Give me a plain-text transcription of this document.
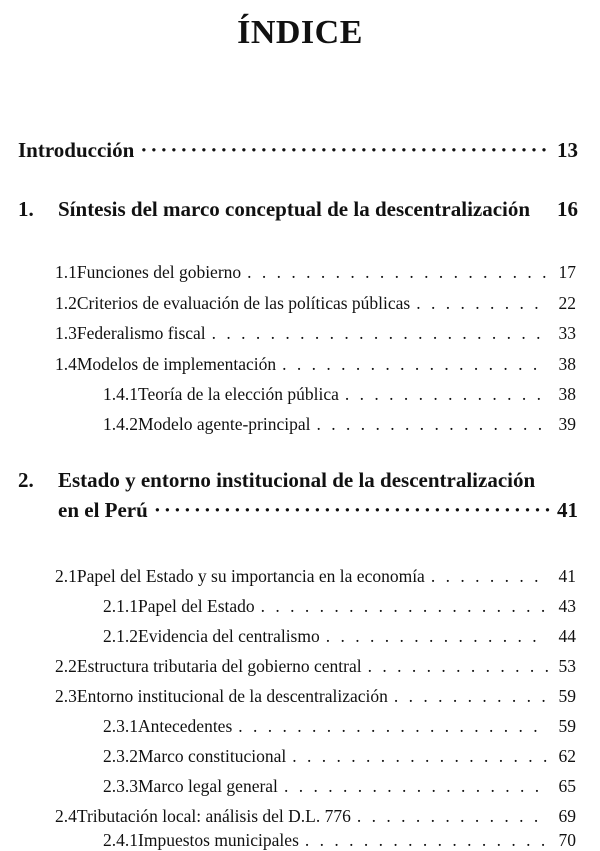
ÍNDICE
Introducción ·····	13
1.	Síntesis del marco conceptual de la descentralización 16
1.1 Funciones del gobierno . . .	17
1.2 Criterios de evaluación de las políticas públicas . . .	22
1.3 Federalismo fiscal . . .	33
1.4 Modelos de implementación . . .	38
1.4.1 Teoría de la elección pública . . .	38
1.4.2 Modelo agente-principal . . .	39
2.	Estado y entorno institucional de la descentralización
en el Perú ·····	41
2.1 Papel del Estado y su importancia en la economía . . .	41
2.1.1 Papel del Estado . . .	43
2.1.2 Evidencia del centralismo . . .	44
2.2 Estructura tributaria del gobierno central . . .	53
2.3 Entorno institucional de la descentralización . . .	59
2.3.1 Antecedentes . . .	59
2.3.2 Marco constitucional . . .	62
2.3.3 Marco legal general . . .	65
2.4 Tributación local: análisis del D.L. 776 . . .	69
2.4.1 Impuestos municipales . . .	70
